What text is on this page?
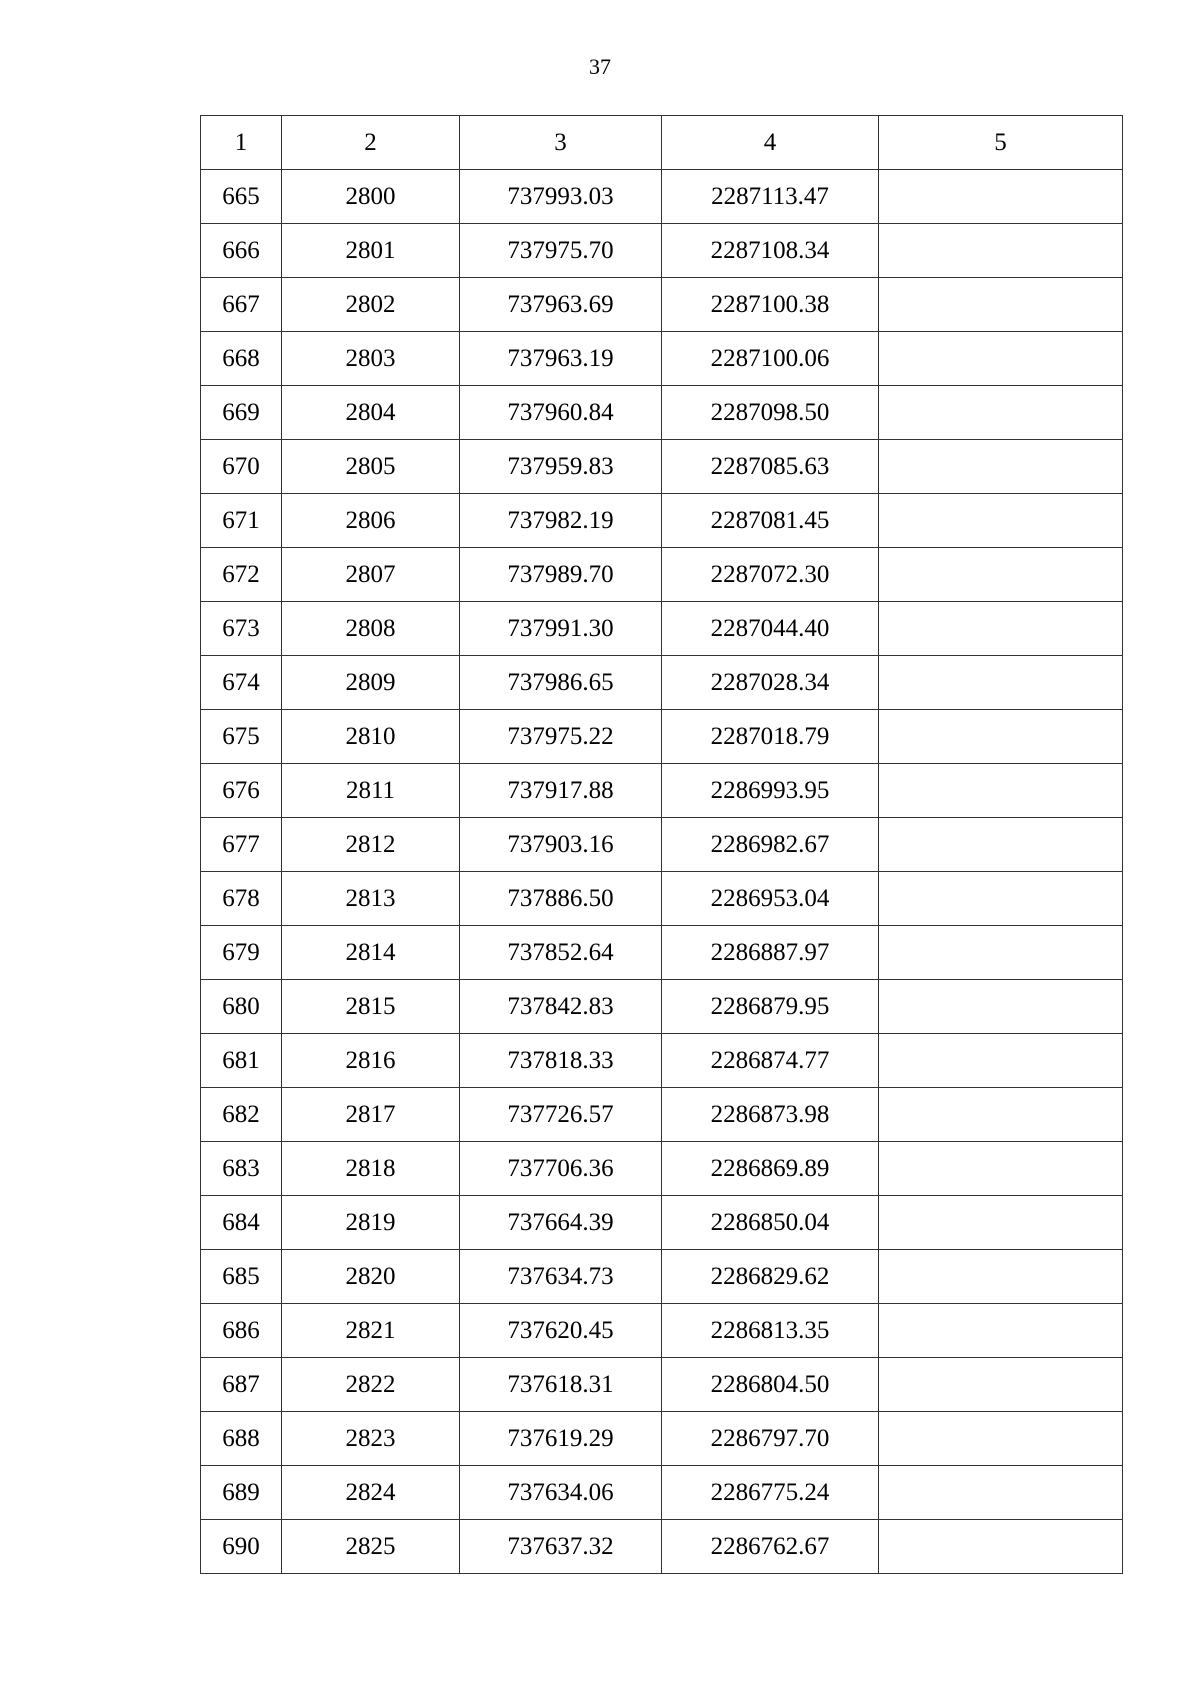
37
1	2	3	4	5
665	2800	737993.03	2287113.47	
666	2801	737975.70	2287108.34	
667	2802	737963.69	2287100.38	
668	2803	737963.19	2287100.06	
669	2804	737960.84	2287098.50	
670	2805	737959.83	2287085.63	
671	2806	737982.19	2287081.45	
672	2807	737989.70	2287072.30	
673	2808	737991.30	2287044.40	
674	2809	737986.65	2287028.34	
675	2810	737975.22	2287018.79	
676	2811	737917.88	2286993.95	
677	2812	737903.16	2286982.67	
678	2813	737886.50	2286953.04	
679	2814	737852.64	2286887.97	
680	2815	737842.83	2286879.95	
681	2816	737818.33	2286874.77	
682	2817	737726.57	2286873.98	
683	2818	737706.36	2286869.89	
684	2819	737664.39	2286850.04	
685	2820	737634.73	2286829.62	
686	2821	737620.45	2286813.35	
687	2822	737618.31	2286804.50	
688	2823	737619.29	2286797.70	
689	2824	737634.06	2286775.24	
690	2825	737637.32	2286762.67	
